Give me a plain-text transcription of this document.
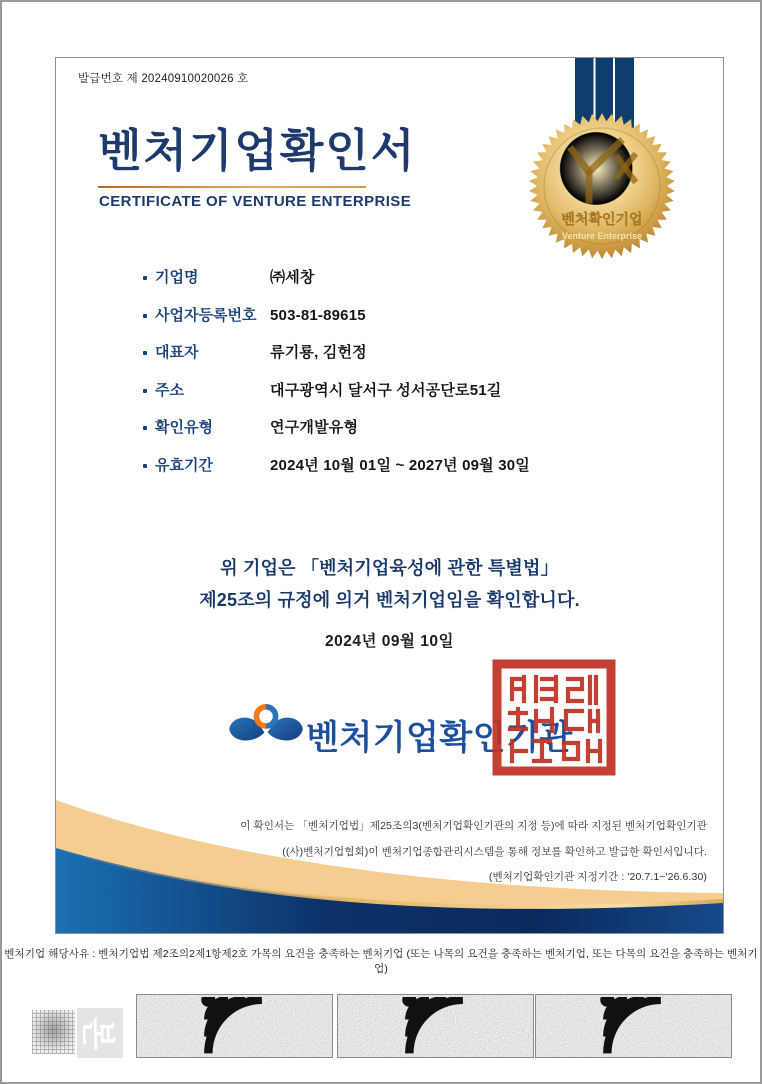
발급번호 제 20240910020026 호
벤처기업확인서
CERTIFICATE OF VENTURE ENTERPRISE
벤처확인기업
Venture Enterprise
기업명	㈜세창
사업자등록번호 503-81-89615
대표자	류기룡, 김헌정
주소	대구광역시 달서구 성서공단로51길
확인유형	연구개발유형
유효기간	2024년 10월 01일 ~ 2027년 09월 30일
위 기업은 「벤처기업육성에 관한 특별법」
제25조의 규정에 의거 벤처기업임을 확인합니다.
2024년 09월 10일
벤처기업확인기관
이 확인서는 「벤처기업법」제25조의3(벤처기업확인기관의 지정 등)에 따라 지정된 벤처기업확인기관
((사)벤처기업협회)이 벤처기업종합관리시스템을 통해 정보를 확인하고 발급한 확인서입니다.
(벤처기업확인기관 지정기간 : '20.7.1~'26.6.30)
벤처기업 해당사유 : 벤처기업법 제2조의2제1항제2호 가목의 요건을 충족하는 벤처기업 (또는 나목의 요건을 충족하는 벤처기업, 또는 다목의 요건을 충족하는 벤처기업)
본
